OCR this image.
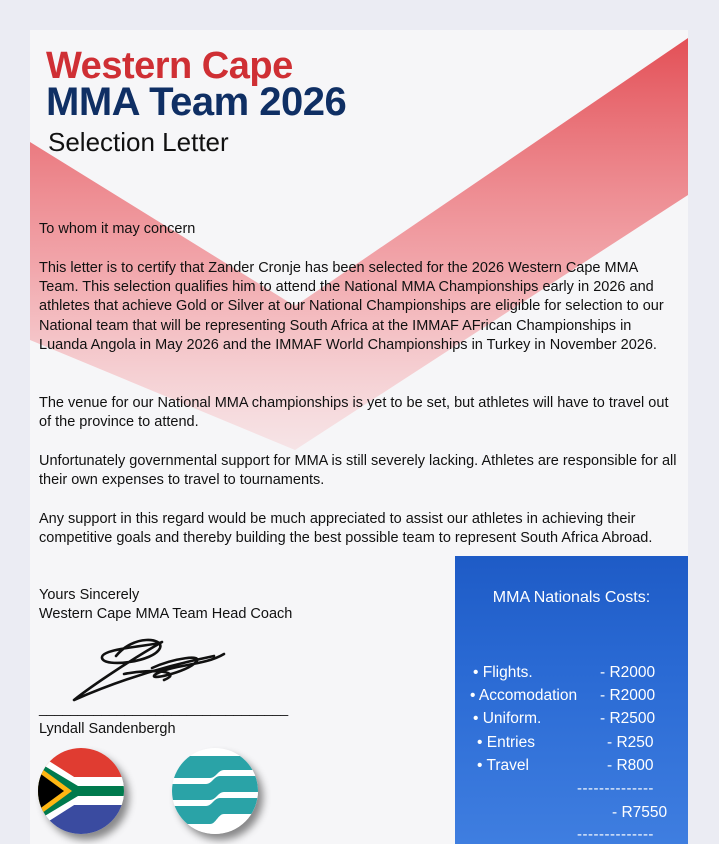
Western Cape
MMA Team 2026
Selection Letter

To whom it may concern

This letter is to certify that Zander Cronje has been selected for the 2026 Western Cape MMA Team. This selection qualifies him to attend the National MMA Championships early in 2026 and athletes that achieve Gold or Silver at our National Championships are eligible for selection to our National team that will be representing South Africa at the IMMAF AFrican Championships in Luanda Angola in May 2026 and the IMMAF World Championships in Turkey in November 2026.

The venue for our National MMA championships is yet to be set, but athletes will have to travel out of the province to attend.

Unfortunately governmental support for MMA is still severely lacking. Athletes are responsible for all their own expenses to travel to tournaments.

Any support in this regard would be much appreciated to assist our athletes in achieving their competitive goals and thereby building the best possible team to represent South Africa Abroad.

Yours Sincerely
Western Cape MMA Team Head Coach
________________________________
Lyndall Sandenbergh
MMA Nationals Costs:
• Flights.	- R2000
• Accomodation - R2000
• Uniform.	- R2500
• Entries	- R250
• Travel	- R800
--------------
- R7550
--------------
